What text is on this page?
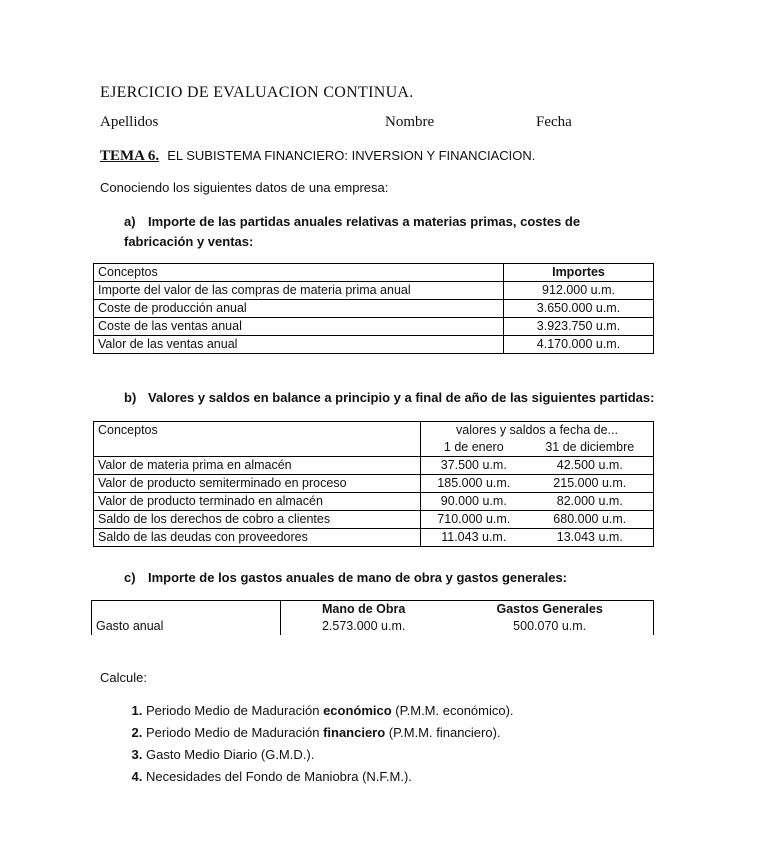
EJERCICIO DE EVALUACION CONTINUA.
Apellidos	Nombre	Fecha
TEMA 6. EL SUBISTEMA FINANCIERO: INVERSION Y FINANCIACION.
Conociendo los siguientes datos de una empresa:
a) Importe de las partidas anuales relativas a materias primas, costes de fabricación y ventas:
Conceptos	Importes
Importe del valor de las compras de materia prima anual	912.000 u.m.
Coste de producción anual	3.650.000 u.m.
Coste de las ventas anual	3.923.750 u.m.
Valor de las ventas anual	4.170.000 u.m.
b) Valores y saldos en balance a principio y a final de año de las siguientes partidas:
Conceptos	valores y saldos a fecha de...	
	1 de enero	31 de diciembre
Valor de materia prima en almacén	37.500 u.m.	42.500 u.m.
Valor de producto semiterminado en proceso	185.000 u.m.	215.000 u.m.
Valor de producto terminado en almacén	90.000 u.m.	82.000 u.m.
Saldo de los derechos de cobro a clientes	710.000 u.m.	680.000 u.m.
Saldo de las deudas con proveedores	11.043 u.m.	13.043 u.m.
c) Importe de los gastos anuales de mano de obra y gastos generales:
	Mano de Obra	Gastos Generales
Gasto anual	2.573.000 u.m.	500.070 u.m.
Calcule:
1. Periodo Medio de Maduración económico (P.M.M. económico).
2. Periodo Medio de Maduración financiero (P.M.M. financiero).
3. Gasto Medio Diario (G.M.D.).
4. Necesidades del Fondo de Maniobra (N.F.M.).
